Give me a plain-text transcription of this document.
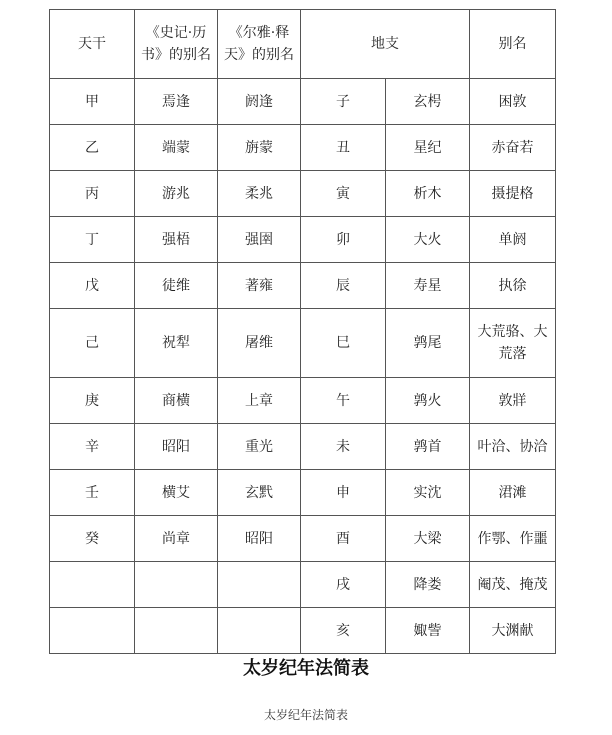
天干	《史记·历书》的别名	《尔雅·释天》的别名	地支		别名
甲	焉逢	阏逢	子	玄枵	困敦
乙	端蒙	旃蒙	丑	星纪	赤奋若
丙	游兆	柔兆	寅	析木	摄提格
丁	强梧	强圉	卯	大火	单阏
戊	徒维	著雍	辰	寿星	执徐
己	祝犁	屠维	巳	鹑尾	大荒骆、大荒落
庚	商横	上章	午	鹑火	敦牂
辛	昭阳	重光	未	鹑首	叶洽、协洽
壬	横艾	玄黓	申	实沈	涒滩
癸	尚章	昭阳	酉	大梁	作鄂、作噩
			戌	降娄	阉茂、掩茂
			亥	娵訾	大渊献
太岁纪年法简表
太岁纪年法简表
